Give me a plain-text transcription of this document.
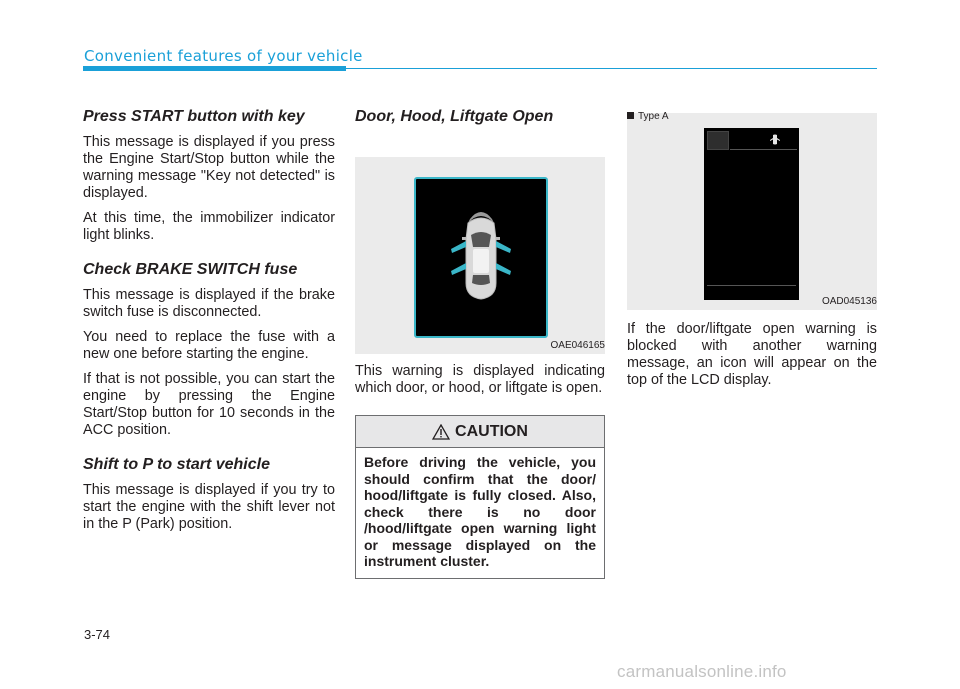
Convenient features of your vehicle
Press START button with key

This message is displayed if you press the Engine Start/Stop button while the warning message "Key not detected" is displayed.

At this time, the immobilizer indicator light blinks.

Check BRAKE SWITCH fuse

This message is displayed if the brake switch fuse is disconnected.

You need to replace the fuse with a new one before starting the engine.

If that is not possible, you can start the engine by pressing the Engine Start/Stop button for 10 seconds in the ACC position.

Shift to P to start vehicle

This message is displayed if you try to start the engine with the shift lever not in the P (Park) position.

Door, Hood, Liftgate Open
OAE046165

This warning is displayed indicating which door, or hood, or liftgate is open.

CAUTION
Before driving the vehicle, you should confirm that the door/ hood/liftgate is fully closed. Also, check there is no door /hood/liftgate open warning light or message displayed on the instrument cluster.
Type A
OAD045136

If the door/liftgate open warning is blocked with another warning message, an icon will appear on the top of the LCD display.

3-74
carmanualsonline.info
